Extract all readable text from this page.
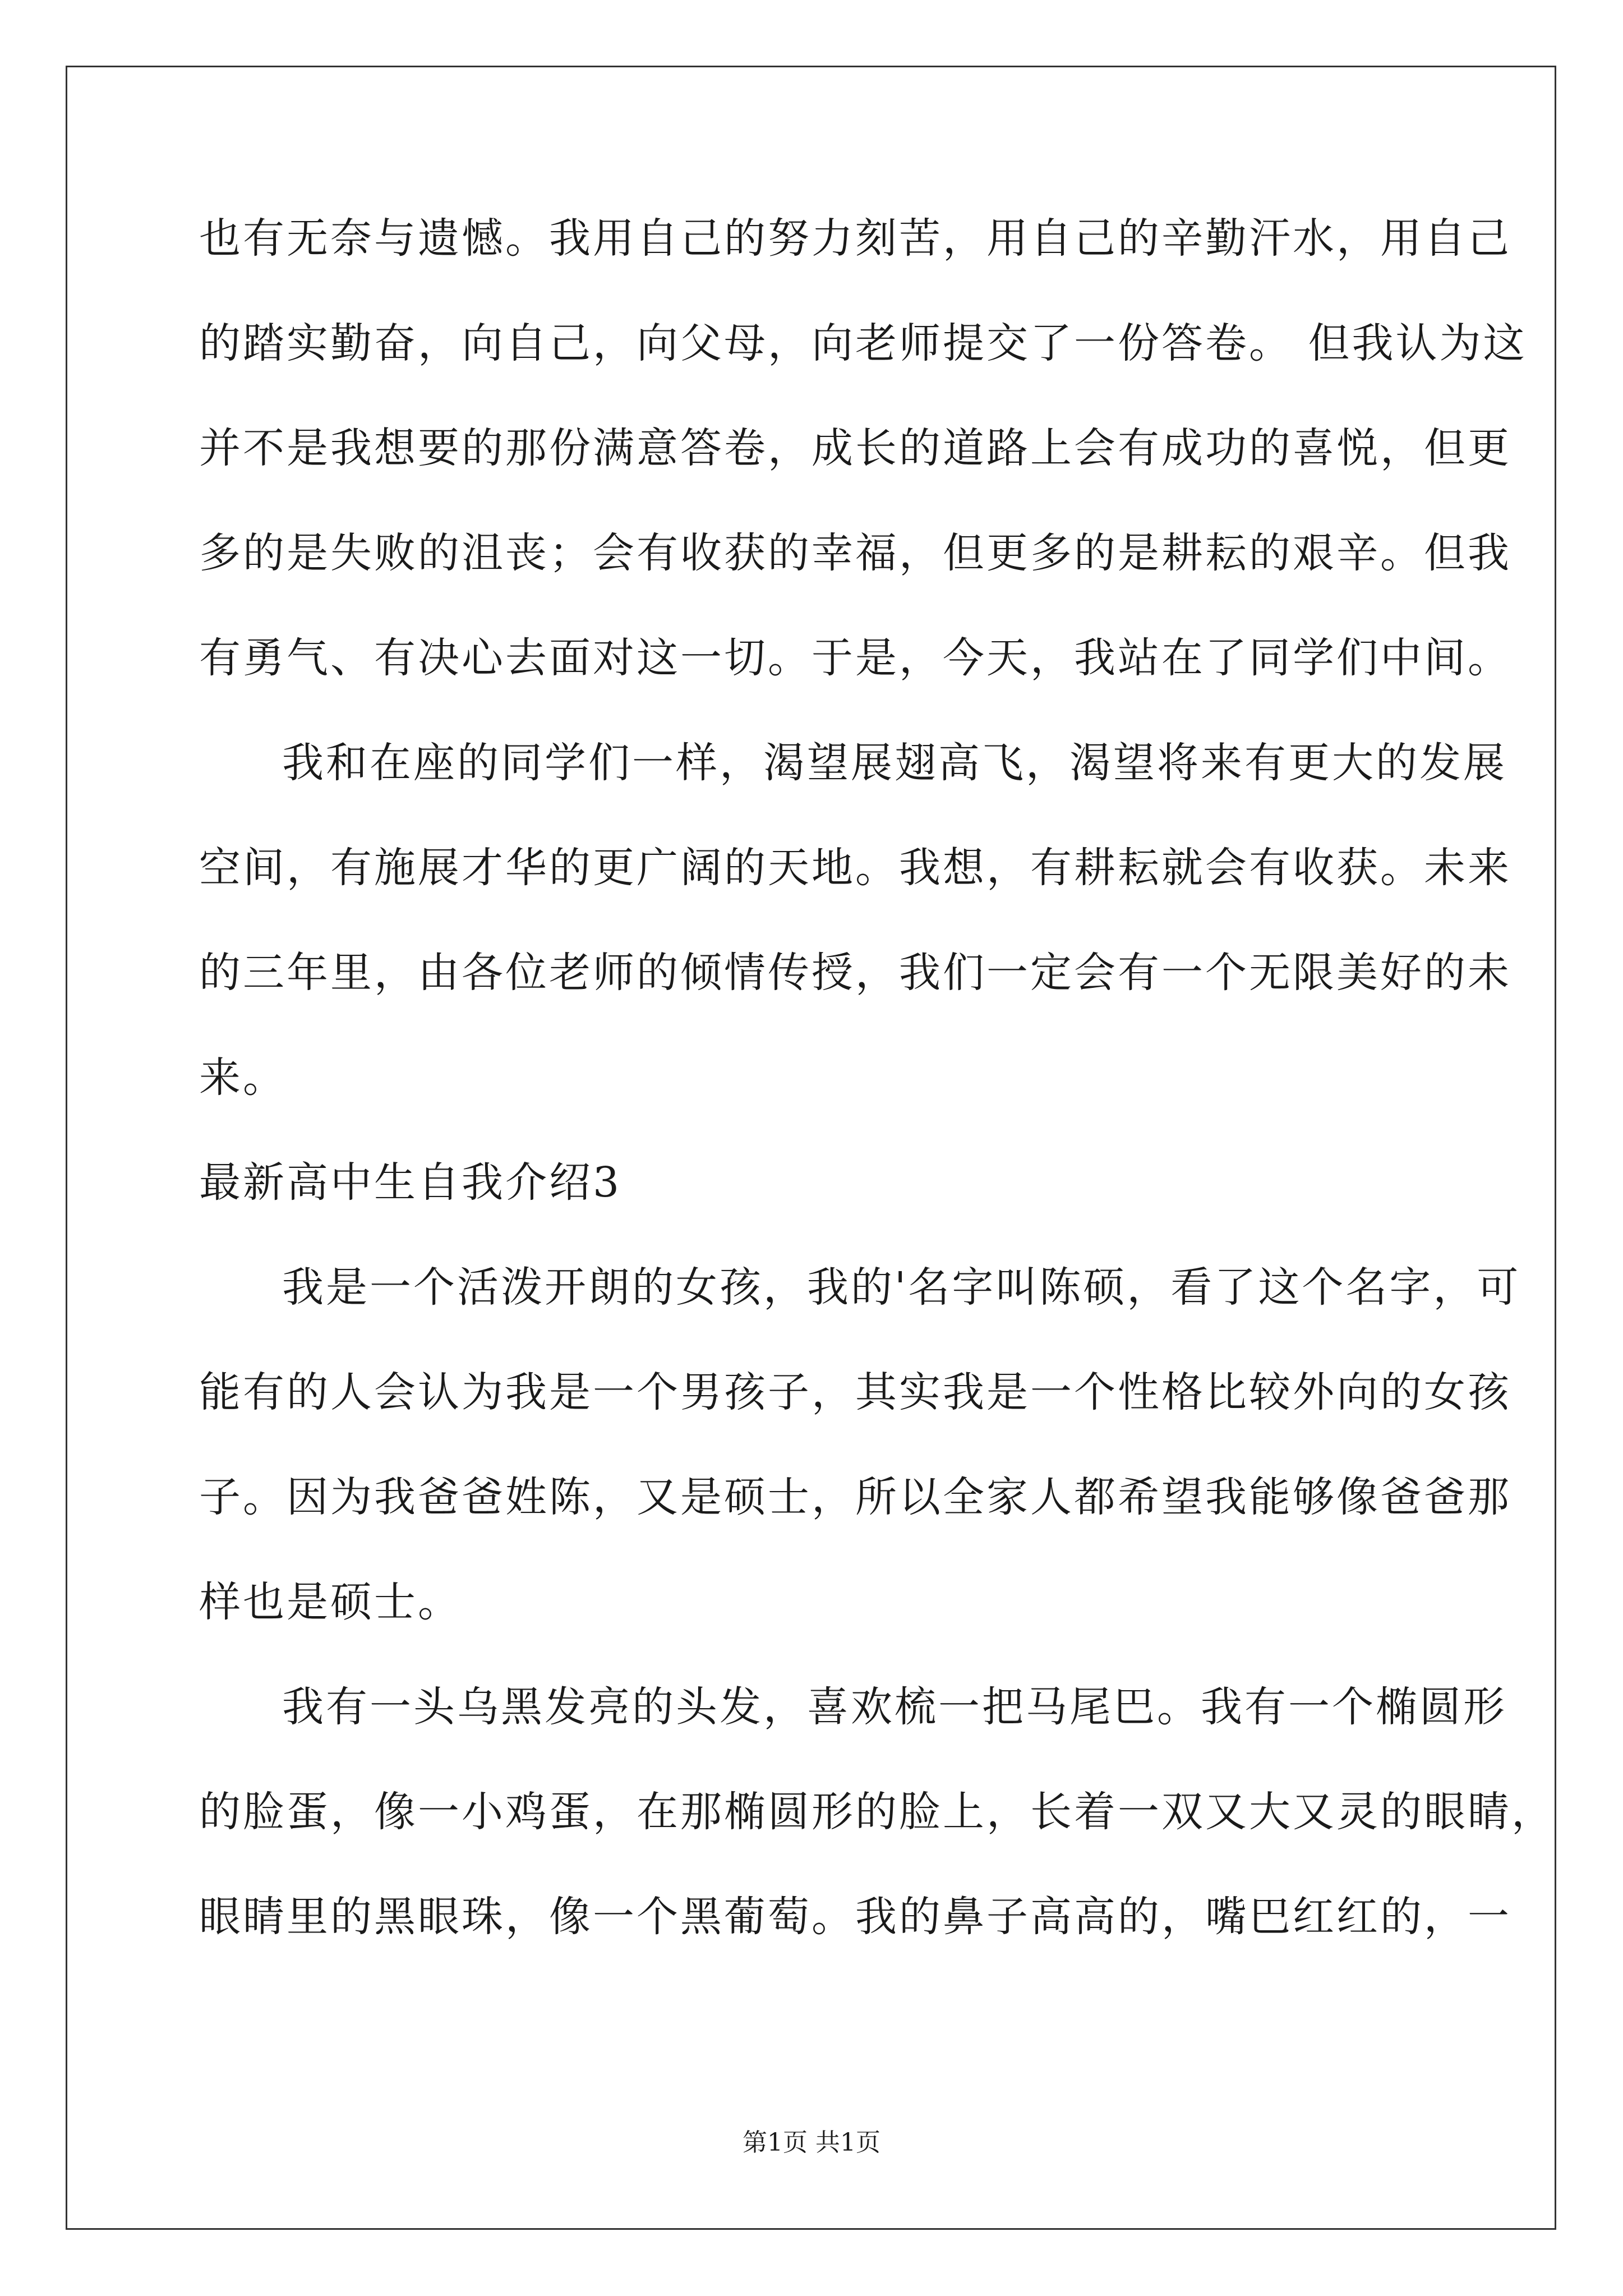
也有无奈与遗憾。我用自己的努力刻苦，用自己的辛勤汗水，用自己
的踏实勤奋，向自己，向父母，向老师提交了一份答卷。 但我认为这
并不是我想要的那份满意答卷，成长的道路上会有成功的喜悦，但更
多的是失败的沮丧；会有收获的幸福，但更多的是耕耘的艰辛。但我
有勇气、有决心去面对这一切。于是，今天，我站在了同学们中间。
我和在座的同学们一样，渴望展翅高飞，渴望将来有更大的发展
空间，有施展才华的更广阔的天地。我想，有耕耘就会有收获。未来
的三年里，由各位老师的倾情传授，我们一定会有一个无限美好的未
来。
最新高中生自我介绍3
我是一个活泼开朗的女孩，我的'名字叫陈硕，看了这个名字，可
能有的人会认为我是一个男孩子，其实我是一个性格比较外向的女孩
子。因为我爸爸姓陈，又是硕士，所以全家人都希望我能够像爸爸那
样也是硕士。
我有一头乌黑发亮的头发，喜欢梳一把马尾巴。我有一个椭圆形
的脸蛋，像一小鸡蛋，在那椭圆形的脸上，长着一双又大又灵的眼睛，
眼睛里的黑眼珠，像一个黑葡萄。我的鼻子高高的，嘴巴红红的，一
第1页 共1页
